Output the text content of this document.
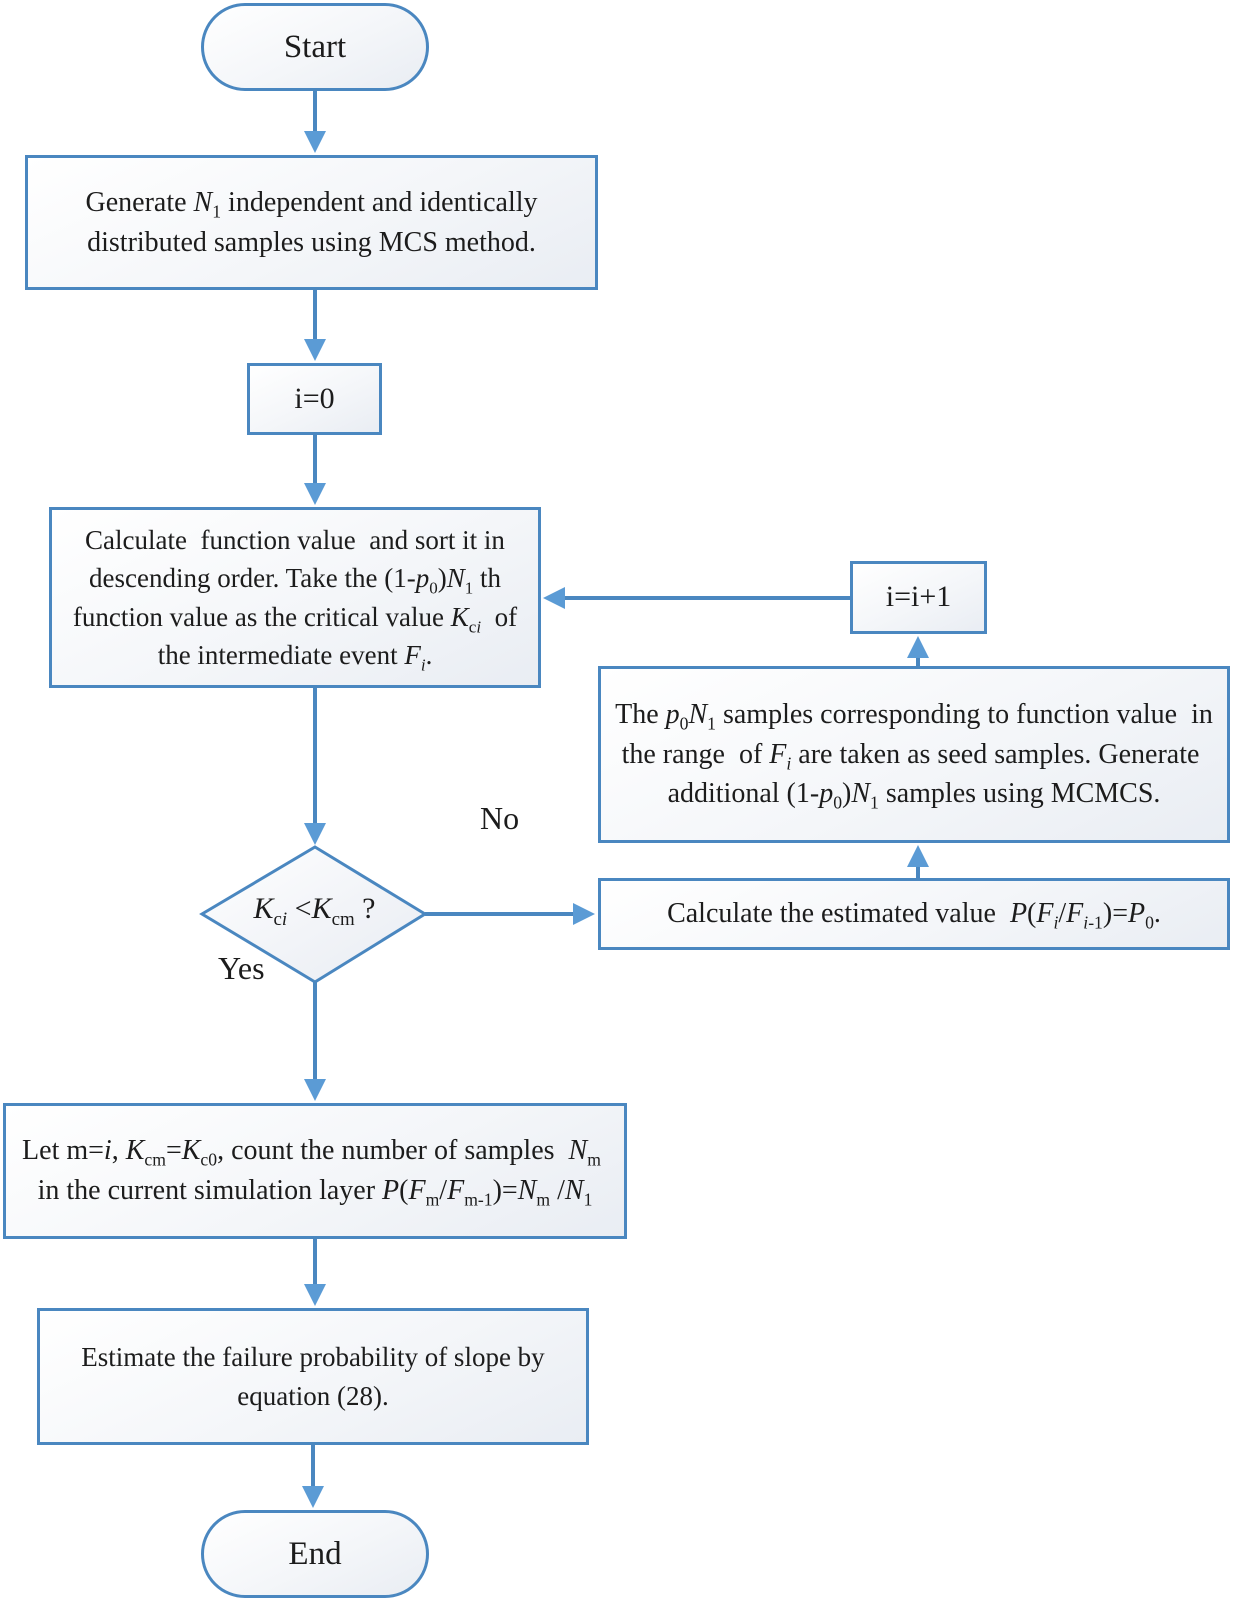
Start
Generate $N_1$ independent and identically distributed samples using MCS method.
i=0
Calculate  function value  and sort it in descending order. Take the $(1-p_0)N_1$ th function value as the critical value $K_{ci}$  of the intermediate event $F_i$.
i=i+1
The $p_0N_1$ samples corresponding to function value  in the range  of $F_i$ are taken as seed samples. Generate  additional $(1-p_0)N_1$ samples using MCMCS.
Calculate the estimated value  $P(F_i/F_{i-1})=P_0$.
$K_{ci} <K_{cm}$ ?
No
Yes
Let m=i, $K_{cm}=K_{c0}$, count the number of samples  $N_m$  in the current simulation layer $P(F_m/F_{m-1})=N_m$ $/N_1$
Estimate the failure probability of slope by equation (28).
End
